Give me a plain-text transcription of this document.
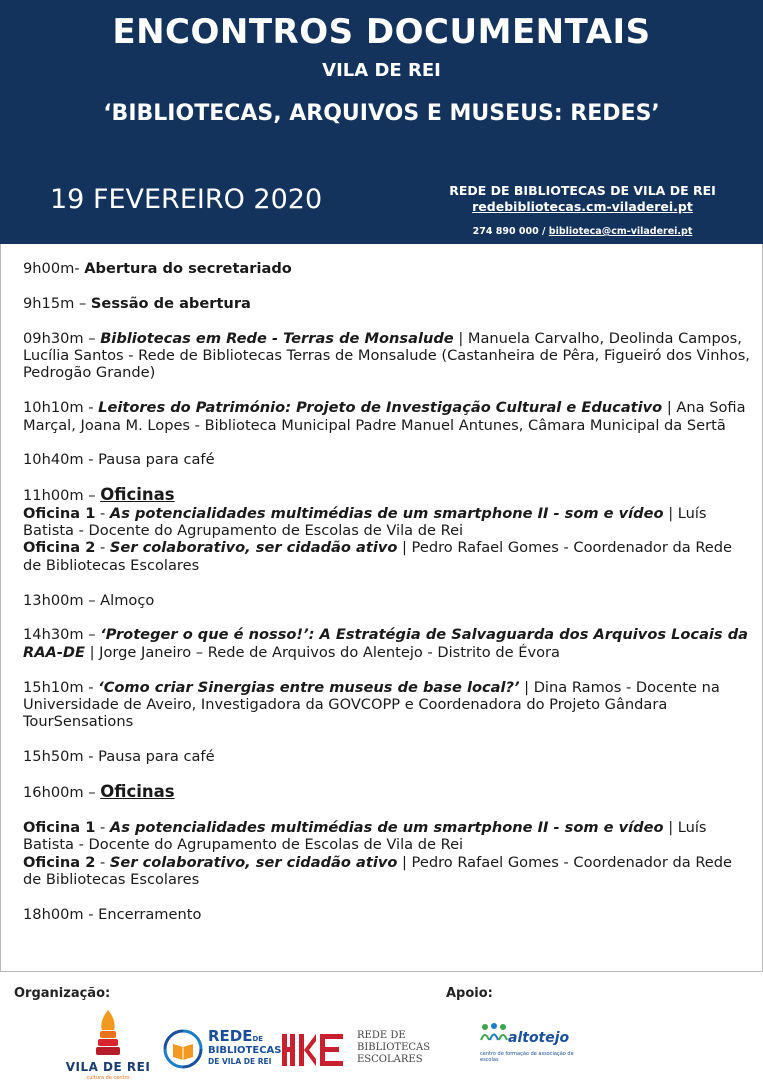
ENCONTROS DOCUMENTAIS
VILA DE REI
‘BIBLIOTECAS, ARQUIVOS E MUSEUS: REDES’
19 FEVEREIRO 2020	REDE DE BIBLIOTECAS DE VILA DE REI
redebibliotecas.cm-viladerei.pt
274 890 000 / biblioteca@cm-viladerei.pt
9h00m- Abertura do secretariado
9h15m – Sessão de abertura
09h30m – Bibliotecas em Rede - Terras de Monsalude | Manuela Carvalho, Deolinda Campos, Lucília Santos - Rede de Bibliotecas Terras de Monsalude (Castanheira de Pêra, Figueiró dos Vinhos, Pedrogão Grande)
10h10m - Leitores do Património: Projeto de Investigação Cultural e Educativo | Ana Sofia Marçal, Joana M. Lopes - Biblioteca Municipal Padre Manuel Antunes, Câmara Municipal da Sertã
10h40m - Pausa para café
11h00m – Oficinas
Oficina 1 - As potencialidades multimédias de um smartphone II - som e vídeo | Luís Batista - Docente do Agrupamento de Escolas de Vila de Rei
Oficina 2 - Ser colaborativo, ser cidadão ativo | Pedro Rafael Gomes - Coordenador da Rede de Bibliotecas Escolares
13h00m – Almoço
14h30m – ‘Proteger o que é nosso!’: A Estratégia de Salvaguarda dos Arquivos Locais da RAA-DE | Jorge Janeiro – Rede de Arquivos do Alentejo - Distrito de Évora
15h10m - ‘Como criar Sinergias entre museus de base local?’ | Dina Ramos - Docente na Universidade de Aveiro, Investigadora da GOVCOPP e Coordenadora do Projeto Gândara TourSensations
15h50m - Pausa para café
16h00m – Oficinas
Oficina 1 - As potencialidades multimédias de um smartphone II - som e vídeo | Luís Batista - Docente do Agrupamento de Escolas de Vila de Rei
Oficina 2 - Ser colaborativo, ser cidadão ativo | Pedro Rafael Gomes - Coordenador da Rede de Bibliotecas Escolares
18h00m - Encerramento
Organização:	Apoio:
VILA DE REI
cultura de centro
REDEDE
BIBLIOTECAS
DE VILA DE REI
REDE DE
BIBLIOTECAS
ESCOLARES
altotejo
centro de formação de associação de escolas
